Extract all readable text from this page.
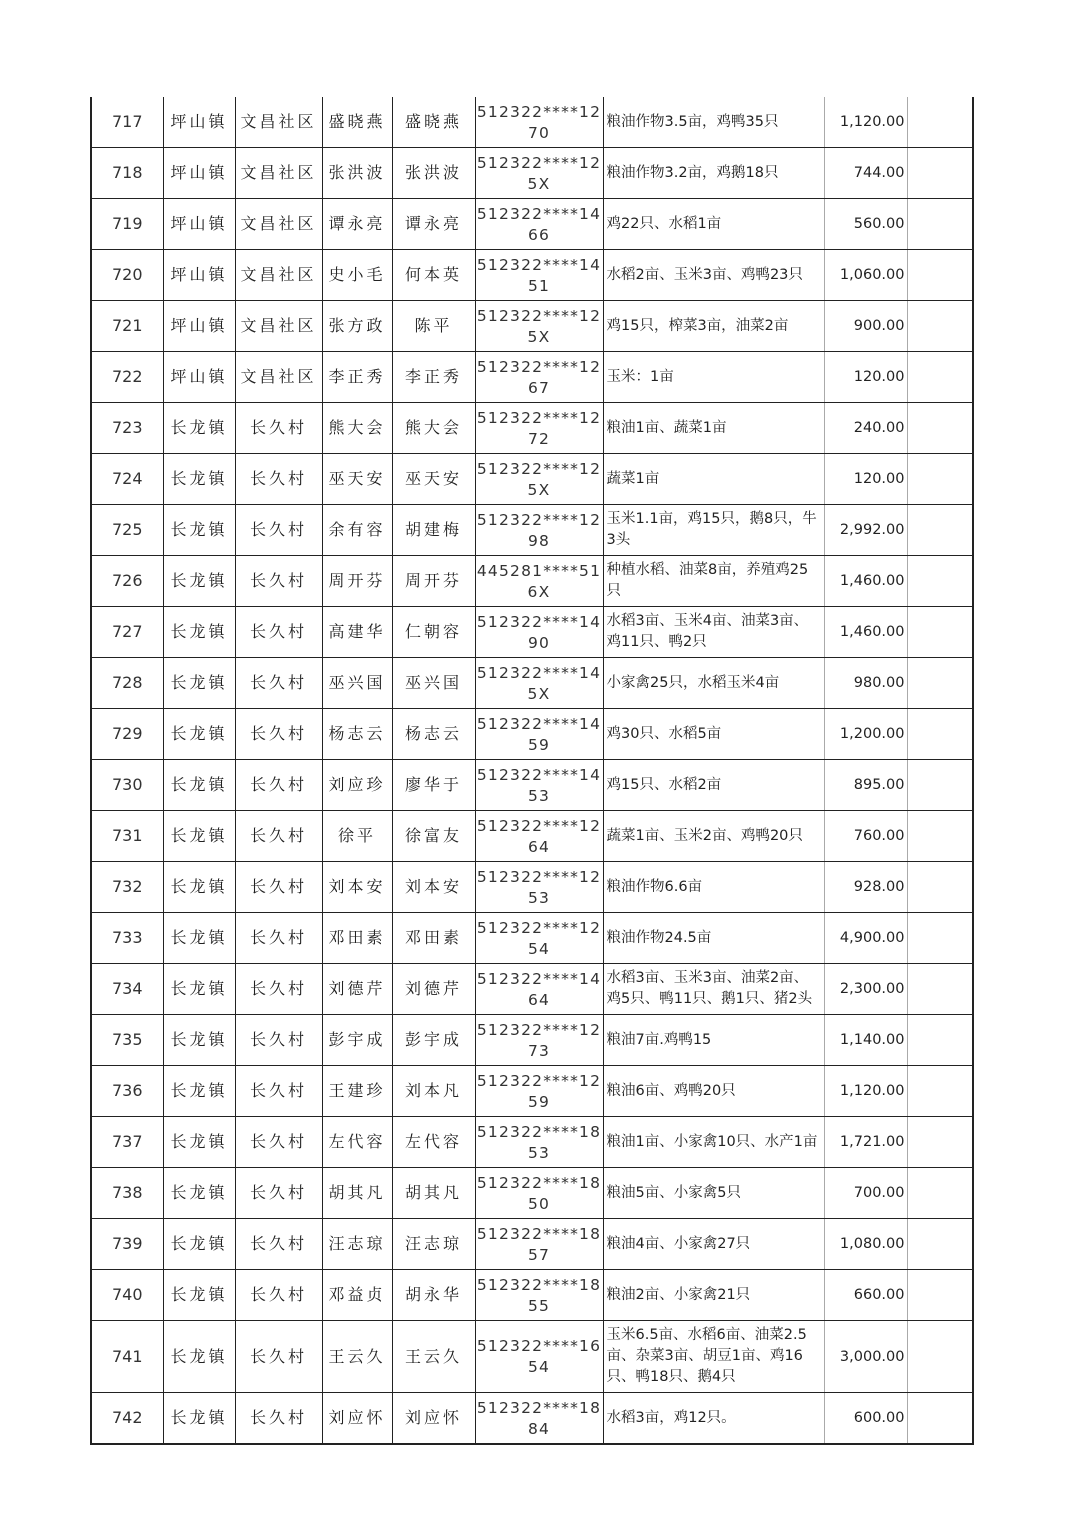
717	坪山镇	文昌社区	盛晓燕	盛晓燕	512322****1270	粮油作物3.5亩，鸡鸭35只	1,120.00	
718	坪山镇	文昌社区	张洪波	张洪波	512322****125X	粮油作物3.2亩，鸡鹅18只	744.00	
719	坪山镇	文昌社区	谭永亮	谭永亮	512322****1466	鸡22只、水稻1亩	560.00	
720	坪山镇	文昌社区	史小毛	何本英	512322****1451	水稻2亩、玉米3亩、鸡鸭23只	1,060.00	
721	坪山镇	文昌社区	张方政	陈平	512322****125X	鸡15只，榨菜3亩，油菜2亩	900.00	
722	坪山镇	文昌社区	李正秀	李正秀	512322****1267	玉米：1亩	120.00	
723	长龙镇	长久村	熊大会	熊大会	512322****1272	粮油1亩、蔬菜1亩	240.00	
724	长龙镇	长久村	巫天安	巫天安	512322****125X	蔬菜1亩	120.00	
725	长龙镇	长久村	余有容	胡建梅	512322****1298	玉米1.1亩，鸡15只，鹅8只，牛3头	2,992.00	
726	长龙镇	长久村	周开芬	周开芬	445281****516X	种植水稻、油菜8亩，养殖鸡25只	1,460.00	
727	长龙镇	长久村	高建华	仁朝容	512322****1490	水稻3亩、玉米4亩、油菜3亩、鸡11只、鸭2只	1,460.00	
728	长龙镇	长久村	巫兴国	巫兴国	512322****145X	小家禽25只，水稻玉米4亩	980.00	
729	长龙镇	长久村	杨志云	杨志云	512322****1459	鸡30只、水稻5亩	1,200.00	
730	长龙镇	长久村	刘应珍	廖华于	512322****1453	鸡15只、水稻2亩	895.00	
731	长龙镇	长久村	徐平	徐富友	512322****1264	蔬菜1亩、玉米2亩、鸡鸭20只	760.00	
732	长龙镇	长久村	刘本安	刘本安	512322****1253	粮油作物6.6亩	928.00	
733	长龙镇	长久村	邓田素	邓田素	512322****1254	粮油作物24.5亩	4,900.00	
734	长龙镇	长久村	刘德芹	刘德芹	512322****1464	水稻3亩、玉米3亩、油菜2亩、鸡5只、鸭11只、鹅1只、猪2头	2,300.00	
735	长龙镇	长久村	彭宇成	彭宇成	512322****1273	粮油7亩.鸡鸭15	1,140.00	
736	长龙镇	长久村	王建珍	刘本凡	512322****1259	粮油6亩、鸡鸭20只	1,120.00	
737	长龙镇	长久村	左代容	左代容	512322****1853	粮油1亩、小家禽10只、水产1亩	1,721.00	
738	长龙镇	长久村	胡其凡	胡其凡	512322****1850	粮油5亩、小家禽5只	700.00	
739	长龙镇	长久村	汪志琼	汪志琼	512322****1857	粮油4亩、小家禽27只	1,080.00	
740	长龙镇	长久村	邓益贞	胡永华	512322****1855	粮油2亩、小家禽21只	660.00	
741	长龙镇	长久村	王云久	王云久	512322****1654	玉米6.5亩、水稻6亩、油菜2.5亩、杂菜3亩、胡豆1亩、鸡16只、鸭18只、鹅4只	3,000.00	
742	长龙镇	长久村	刘应怀	刘应怀	512322****1884	水稻3亩，鸡12只。	600.00	
